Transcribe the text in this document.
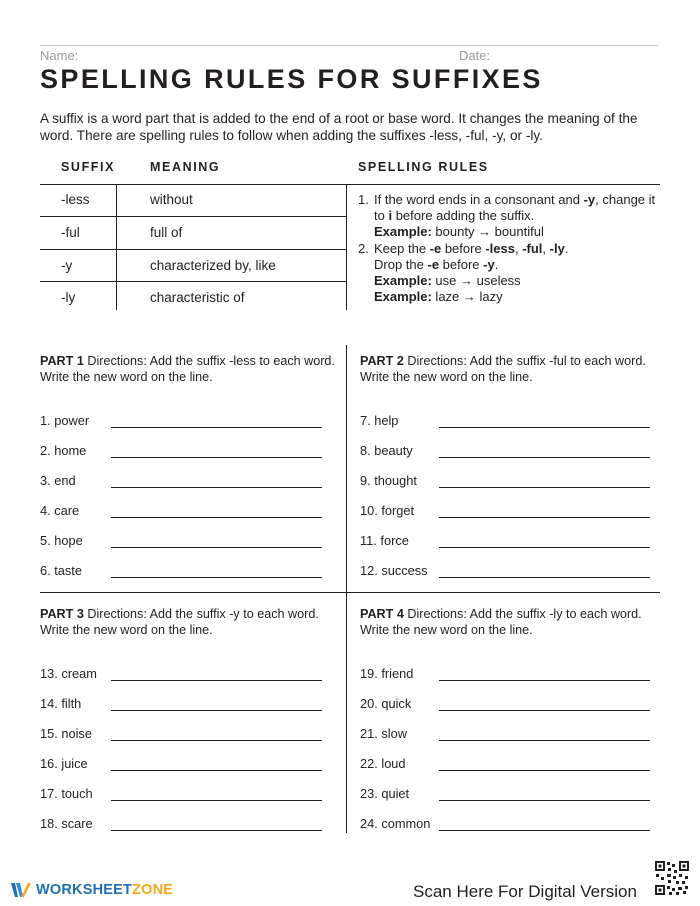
Name:	Date:
SPELLING RULES FOR SUFFIXES
A suffix is a word part that is added to the end of a root or base word. It changes the meaning of the word. There are spelling rules to follow when adding the suffixes -less, -ful, -y, or -ly.
SUFFIX	MEANING	SPELLING RULES
-less	without
-ful	full of
-y	characterized by, like
-ly	characteristic of
1. If the word ends in a consonant and -y, change it to i before adding the suffix.
Example: bounty → bountiful
2. Keep the -e before -less, -ful, -ly.
Drop the -e before -y.
Example: use → useless
Example: laze → lazy
PART 1 Directions: Add the suffix -less to each word. Write the new word on the line.
1. power
2. home
3. end
4. care
5. hope
6. taste
PART 2 Directions: Add the suffix -ful to each word. Write the new word on the line.
7. help
8. beauty
9. thought
10. forget
11. force
12. success
PART 3 Directions: Add the suffix -y to each word. Write the new word on the line.
13. cream
14. filth
15. noise
16. juice
17. touch
18. scare
PART 4 Directions: Add the suffix -ly to each word. Write the new word on the line.
19. friend
20. quick
21. slow
22. loud
23. quiet
24. common
WORKSHEETZONE	Scan Here For Digital Version
